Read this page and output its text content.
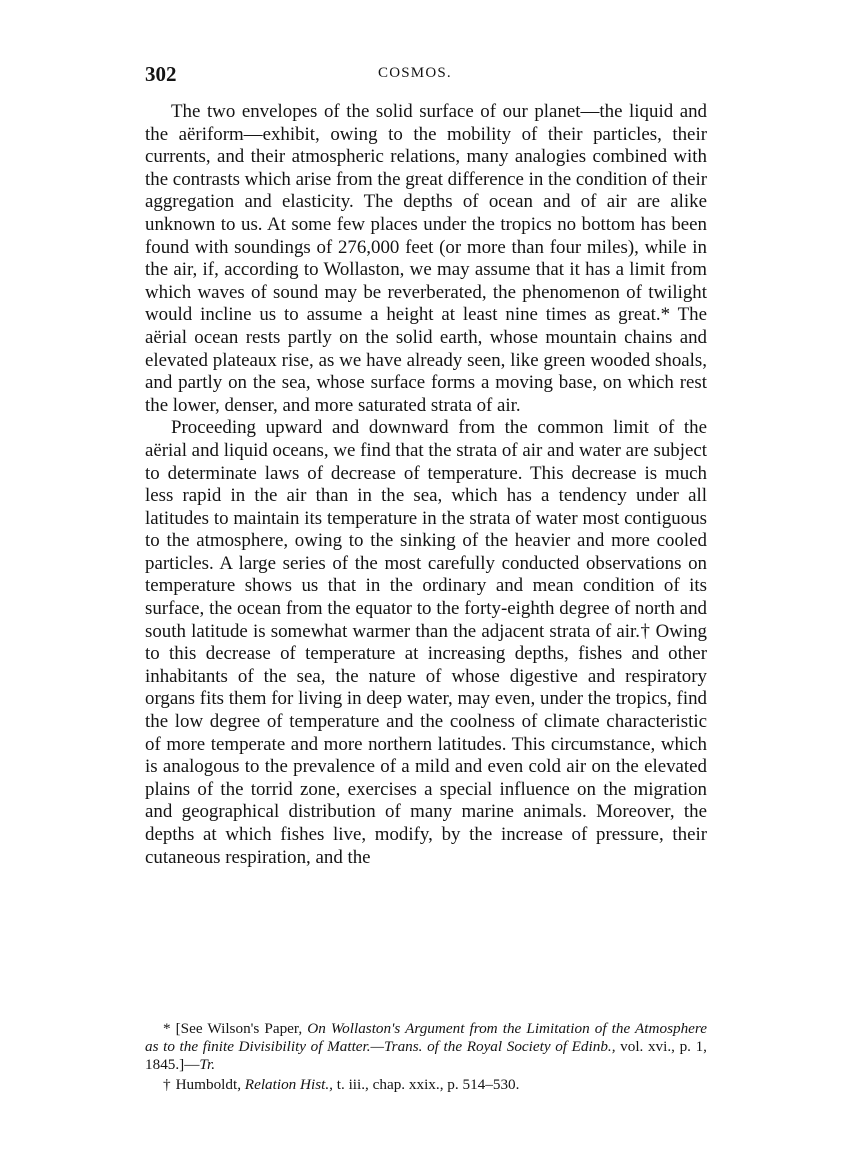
302	COSMOS.

The two envelopes of the solid surface of our planet—the liquid and the aëriform—exhibit, owing to the mobility of their particles, their currents, and their atmospheric relations, many analogies combined with the contrasts which arise from the great difference in the condition of their aggregation and elasticity. The depths of ocean and of air are alike unknown to us. At some few places under the tropics no bottom has been found with soundings of 276,000 feet (or more than four miles), while in the air, if, according to Wollaston, we may assume that it has a limit from which waves of sound may be reverberated, the phenomenon of twilight would incline us to assume a height at least nine times as great.* The aërial ocean rests partly on the solid earth, whose mountain chains and elevated plateaux rise, as we have already seen, like green wooded shoals, and partly on the sea, whose surface forms a moving base, on which rest the lower, denser, and more saturated strata of air.

Proceeding upward and downward from the common limit of the aërial and liquid oceans, we find that the strata of air and water are subject to determinate laws of decrease of temperature. This decrease is much less rapid in the air than in the sea, which has a tendency under all latitudes to maintain its temperature in the strata of water most contiguous to the atmosphere, owing to the sinking of the heavier and more cooled particles. A large series of the most carefully conducted observations on temperature shows us that in the ordinary and mean condition of its surface, the ocean from the equator to the forty-eighth degree of north and south latitude is somewhat warmer than the adjacent strata of air.† Owing to this decrease of temperature at increasing depths, fishes and other inhabitants of the sea, the nature of whose digestive and respiratory organs fits them for living in deep water, may even, under the tropics, find the low degree of temperature and the coolness of climate characteristic of more temperate and more northern latitudes. This circumstance, which is analogous to the prevalence of a mild and even cold air on the elevated plains of the torrid zone, exercises a special influence on the migration and geographical distribution of many marine animals. Moreover, the depths at which fishes live, modify, by the increase of pressure, their cutaneous respiration, and the

* [See Wilson's Paper, On Wollaston's Argument from the Limitation of the Atmosphere as to the finite Divisibility of Matter.—Trans. of the Royal Society of Edinb., vol. xvi., p. 1, 1845.]—Tr.

† Humboldt, Relation Hist., t. iii., chap. xxix., p. 514–530.
